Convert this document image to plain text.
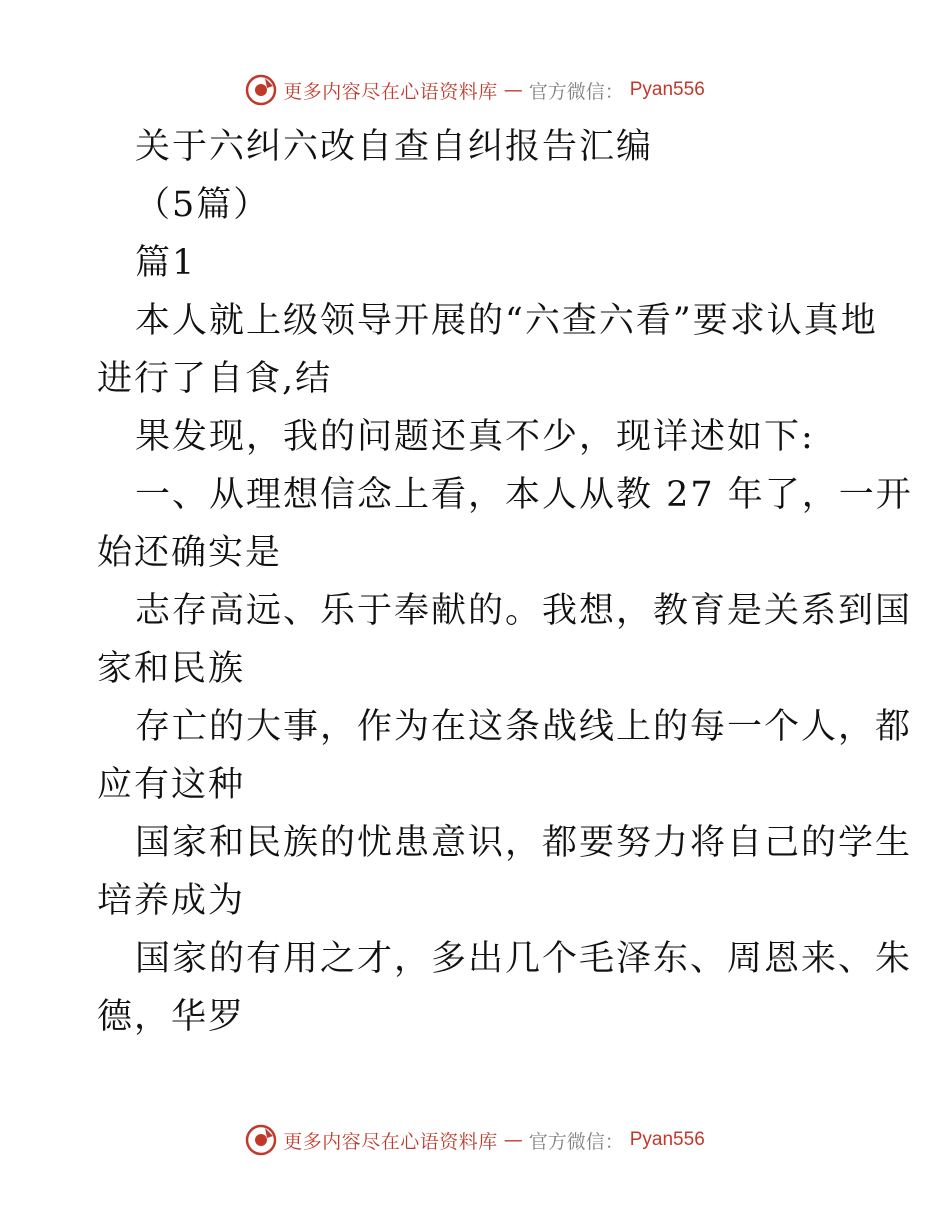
更多内容尽在心语资料库 — 官方微信： Pyan556
关于六纠六改自查自纠报告汇编
（5篇）
篇1
本人就上级领导开展的“六查六看”要求认真地
进行了自食,结
果发现，我的问题还真不少，现详述如下:
一、从理想信念上看，本人从教 27 年了，一开
始还确实是
志存高远、乐于奉献的。我想，教育是关系到国
家和民族
存亡的大事，作为在这条战线上的每一个人，都
应有这种
国家和民族的忧患意识，都要努力将自己的学生
培养成为
国家的有用之才，多出几个毛泽东、周恩来、朱
德，华罗
更多内容尽在心语资料库 — 官方微信： Pyan556
